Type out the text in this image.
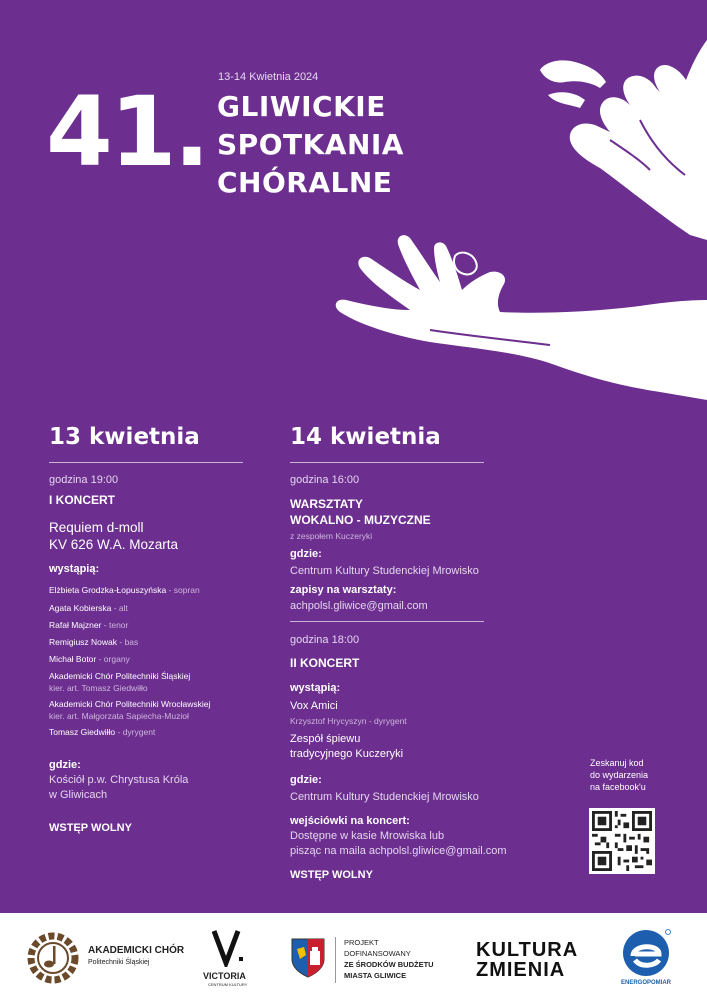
13-14 Kwietnia 2024
41. GLIWICKIE
SPOTKANIA
CHÓRALNE
13 kwietnia
godzina 19:00
I KONCERT
Requiem d-moll
KV 626 W.A. Mozarta
wystąpią:
Elżbieta Grodzka-Łopuszyńska - sopran
Agata Kobierska - alt
Rafał Majzner - tenor
Remigiusz Nowak - bas
Michał Botor - organy
Akademicki Chór Politechniki Śląskiej
kier. art. Tomasz Giedwiłło
Akademicki Chór Politechniki Wrocławskiej
kier. art. Małgorzata Sapiecha-Muzioł
Tomasz Giedwiłło - dyrygent
gdzie:
Kościół p.w. Chrystusa Króla
w Gliwicach
WSTĘP WOLNY
14 kwietnia
godzina 16:00
WARSZTATY
WOKALNO - MUZYCZNE
z zespołem Kuczeryki
gdzie:
Centrum Kultury Studenckiej Mrowisko
zapisy na warsztaty:
achpolsl.gliwice@gmail.com
godzina 18:00
II KONCERT
wystąpią:
Vox Amici
Krzysztof Hrycyszyn - dyrygent
Zespół śpiewu
tradycyjnego Kuczeryki
gdzie:
Centrum Kultury Studenckiej Mrowisko
wejściówki na koncert:
Dostępne w kasie Mrowiska lub
pisząc na maila achpolsl.gliwice@gmail.com
WSTĘP WOLNY
Zeskanuj kod
do wydarzenia
na facebook'u
AKADEMICKI CHÓR
Politechniki Śląskiej
VICTORIA
CENTRUM KULTURY
PROJEKT
DOFINANSOWANY
ZE ŚRODKÓW BUDŻETU
MIASTA GLIWICE
KULTURA
ZMIENIA
ENERGOPOMIAR
